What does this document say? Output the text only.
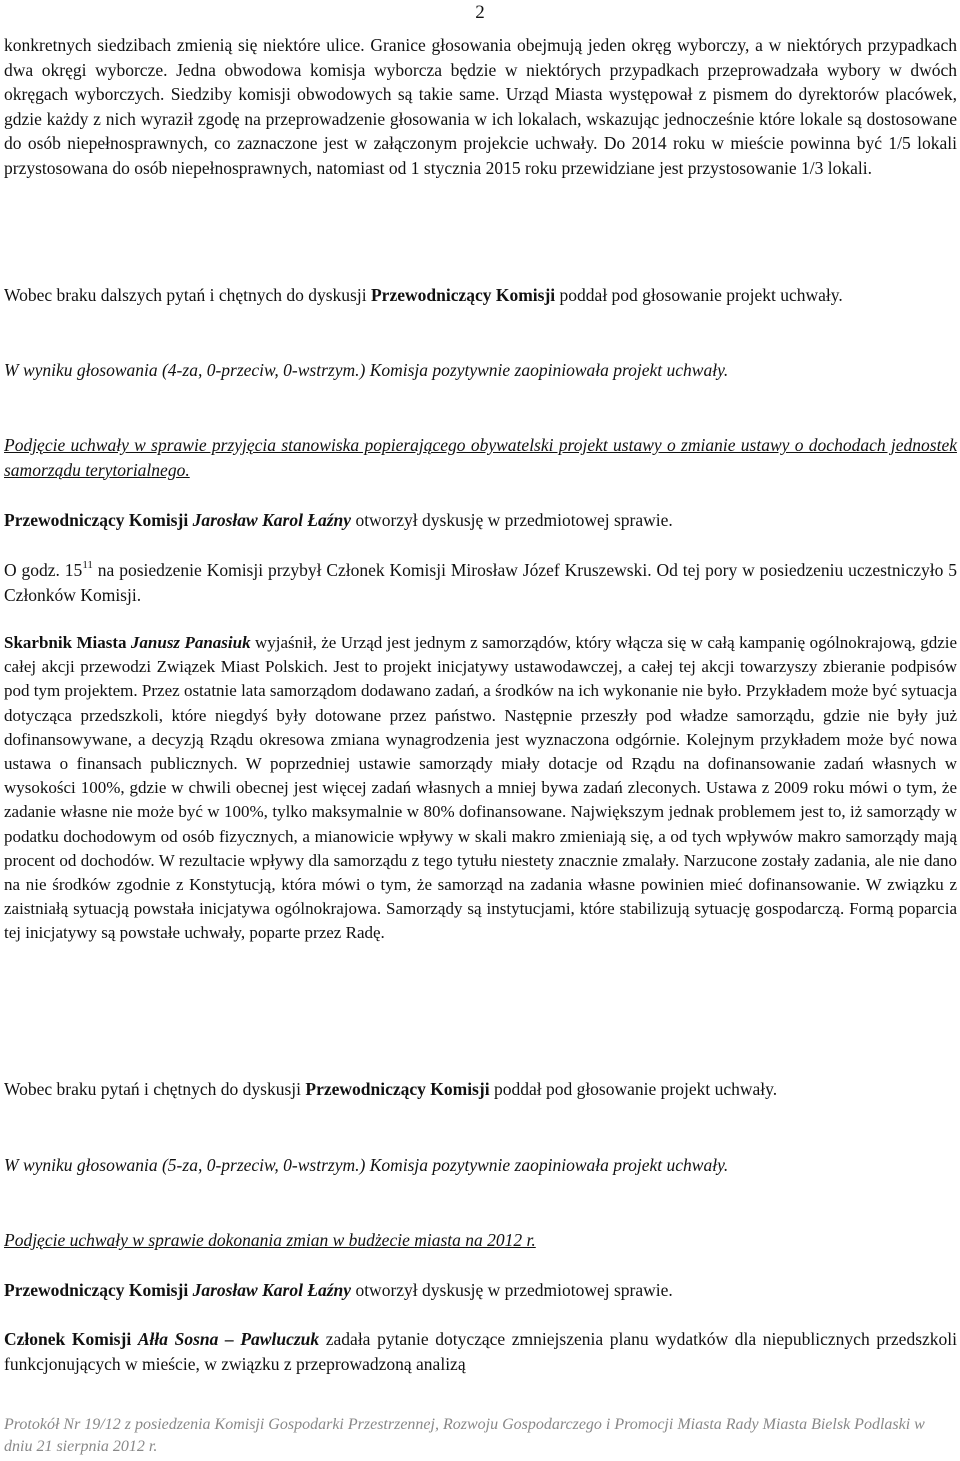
2

konkretnych siedzibach zmienią się niektóre ulice. Granice głosowania obejmują jeden okręg wyborczy, a w niektórych przypadkach dwa okręgi wyborcze. Jedna obwodowa komisja wyborcza będzie w niektórych przypadkach przeprowadzała wybory w dwóch okręgach wyborczych. Siedziby komisji obwodowych są takie same. Urząd Miasta występował z pismem do dyrektorów placówek, gdzie każdy z nich wyraził zgodę na przeprowadzenie głosowania w ich lokalach, wskazując jednocześnie które lokale są dostosowane do osób niepełnosprawnych, co zaznaczone jest w załączonym projekcie uchwały. Do 2014 roku w mieście powinna być 1/5 lokali przystosowana do osób niepełnosprawnych, natomiast od 1 stycznia 2015 roku przewidziane jest przystosowanie 1/3 lokali.

Wobec braku dalszych pytań i chętnych do dyskusji Przewodniczący Komisji poddał pod głosowanie projekt uchwały.

W wyniku głosowania (4-za, 0-przeciw, 0-wstrzym.) Komisja pozytywnie zaopiniowała projekt uchwały.

Podjęcie uchwały w sprawie przyjęcia stanowiska popierającego obywatelski projekt ustawy o zmianie ustawy o dochodach jednostek samorządu terytorialnego.

Przewodniczący Komisji Jarosław Karol Łaźny otworzył dyskusję w przedmiotowej sprawie.

O godz. $15^{11}$ na posiedzenie Komisji przybył Członek Komisji Mirosław Józef Kruszewski. Od tej pory w posiedzeniu uczestniczyło 5 Członków Komisji.

Skarbnik Miasta Janusz Panasiuk wyjaśnił, że Urząd jest jednym z samorządów, który włącza się w całą kampanię ogólnokrajową, gdzie całej akcji przewodzi Związek Miast Polskich. Jest to projekt inicjatywy ustawodawczej, a całej tej akcji towarzyszy zbieranie podpisów pod tym projektem. Przez ostatnie lata samorządom dodawano zadań, a środków na ich wykonanie nie było. Przykładem może być sytuacja dotycząca przedszkoli, które niegdyś były dotowane przez państwo. Następnie przeszły pod władze samorządu, gdzie nie były już dofinansowywane, a decyzją Rządu okresowa zmiana wynagrodzenia jest wyznaczona odgórnie. Kolejnym przykładem może być nowa ustawa o finansach publicznych. W poprzedniej ustawie samorządy miały dotacje od Rządu na dofinansowanie zadań własnych w wysokości 100%, gdzie w chwili obecnej jest więcej zadań własnych a mniej bywa zadań zleconych. Ustawa z 2009 roku mówi o tym, że zadanie własne nie może być w 100%, tylko maksymalnie w 80% dofinansowane. Największym jednak problemem jest to, iż samorządy w podatku dochodowym od osób fizycznych, a mianowicie wpływy w skali makro zmieniają się, a od tych wpływów makro samorządy mają procent od dochodów. W rezultacie wpływy dla samorządu z tego tytułu niestety znacznie zmalały. Narzucone zostały zadania, ale nie dano na nie środków zgodnie z Konstytucją, która mówi o tym, że samorząd na zadania własne powinien mieć dofinansowanie. W związku z zaistniałą sytuacją powstała inicjatywa ogólnokrajowa. Samorządy są instytucjami, które stabilizują sytuację gospodarczą. Formą poparcia tej inicjatywy są powstałe uchwały, poparte przez Radę.

Wobec braku pytań i chętnych do dyskusji Przewodniczący Komisji poddał pod głosowanie projekt uchwały.

W wyniku głosowania (5-za, 0-przeciw, 0-wstrzym.) Komisja pozytywnie zaopiniowała projekt uchwały.

Podjęcie uchwały w sprawie dokonania zmian w budżecie miasta na 2012 r.

Przewodniczący Komisji Jarosław Karol Łaźny otworzył dyskusję w przedmiotowej sprawie.

Członek Komisji Ałła Sosna – Pawluczuk zadała pytanie dotyczące zmniejszenia planu wydatków dla niepublicznych przedszkoli funkcjonujących w mieście, w związku z przeprowadzoną analizą

Protokół Nr 19/12 z posiedzenia Komisji Gospodarki Przestrzennej, Rozwoju Gospodarczego i Promocji Miasta Rady Miasta Bielsk Podlaski w dniu 21 sierpnia 2012 r.
